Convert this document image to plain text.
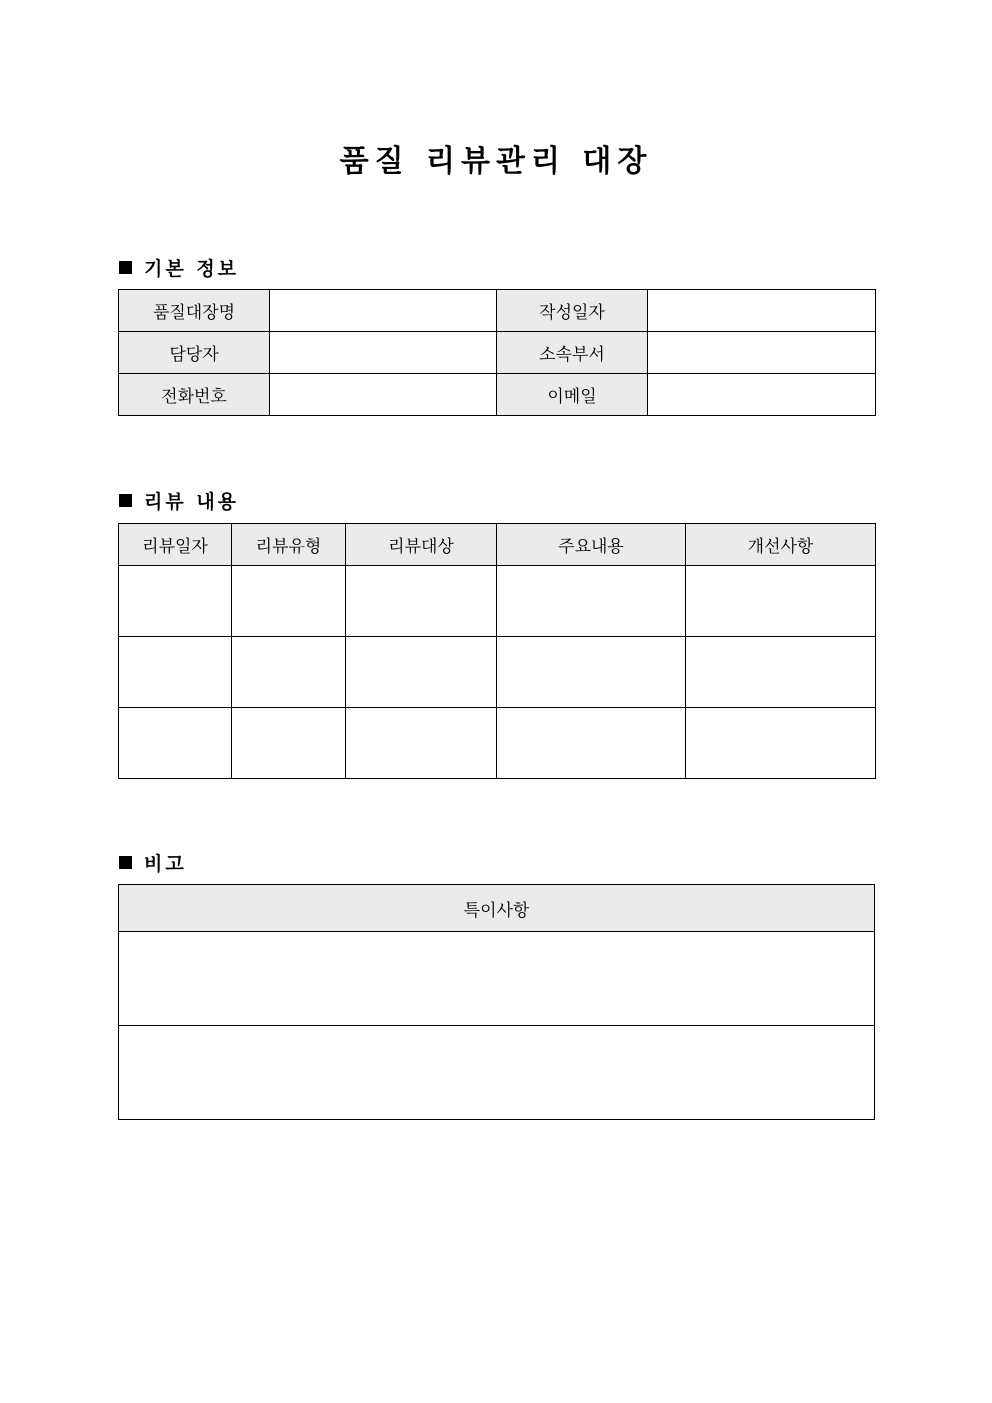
품질 리뷰관리 대장
기본 정보
품질대장명		작성일자	
담당자		소속부서	
전화번호		이메일	
리뷰 내용
리뷰일자	리뷰유형	리뷰대상	주요내용	개선사항

비고
특이사항
